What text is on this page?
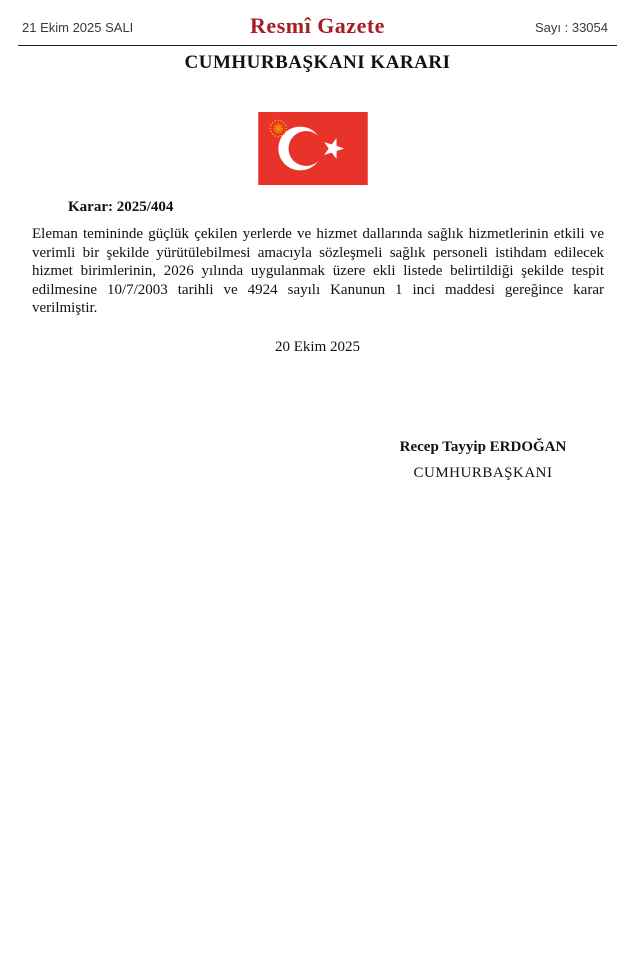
21 Ekim 2025 SALI	Resmî Gazete	Sayı : 33054
CUMHURBAŞKANI KARARI
Karar: 2025/404
Eleman temininde güçlük çekilen yerlerde ve hizmet dallarında sağlık hizmetlerinin etkili ve verimli bir şekilde yürütülebilmesi amacıyla sözleşmeli sağlık personeli istihdam edilecek hizmet birimlerinin, 2026 yılında uygulanmak üzere ekli listede belirtildiği şekilde tespit edilmesine 10/7/2003 tarihli ve 4924 sayılı Kanunun 1 inci maddesi gereğince karar verilmiştir.
20 Ekim 2025
Recep Tayyip ERDOĞAN
CUMHURBAŞKANI
